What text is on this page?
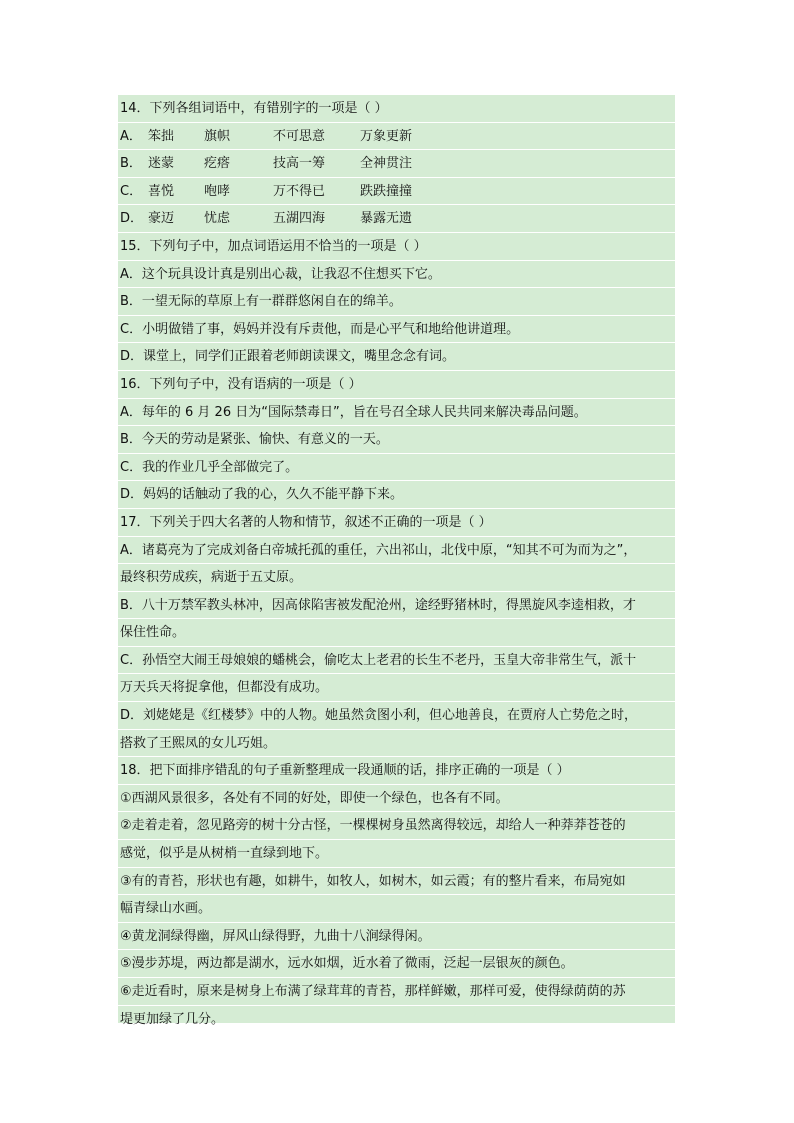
14．下列各组词语中，有错别字的一项是（ ）
A． 笨拙	旗帜	不可思意	万象更新
B． 迷蒙	疙瘩	技高一筹	全神贯注
C． 喜悦	咆哮	万不得已	跌跌撞撞
D． 豪迈	忧虑	五湖四海	暴露无遗
15．下列句子中，加点词语运用不恰当的一项是（ ）
A．这个玩具设计真是别出心裁，让我忍不住想买下它。
B．一望无际的草原上有一群群悠闲自在的绵羊。
C．小明做错了事，妈妈并没有斥责他，而是心平气和地给他讲道理。
D．课堂上，同学们正跟着老师朗读课文，嘴里念念有词。
16．下列句子中，没有语病的一项是（ ）
A．每年的 6 月 26 日为“国际禁毒日”，旨在号召全球人民共同来解决毒品问题。
B．今天的劳动是紧张、愉快、有意义的一天。
C．我的作业几乎全部做完了。
D．妈妈的话触动了我的心，久久不能平静下来。
17．下列关于四大名著的人物和情节，叙述不正确的一项是（ ）
A．诸葛亮为了完成刘备白帝城托孤的重任，六出祁山，北伐中原，“知其不可为而为之”，
最终积劳成疾，病逝于五丈原。
B．八十万禁军教头林冲，因高俅陷害被发配沧州，途经野猪林时，得黑旋风李逵相救，才
保住性命。
C．孙悟空大闹王母娘娘的蟠桃会，偷吃太上老君的长生不老丹，玉皇大帝非常生气，派十
万天兵天将捉拿他，但都没有成功。
D．刘姥姥是《红楼梦》中的人物。她虽然贪图小利，但心地善良，在贾府人亡势危之时，
搭救了王熙凤的女儿巧姐。
18．把下面排序错乱的句子重新整理成一段通顺的话，排序正确的一项是（ ）
①西湖风景很多，各处有不同的好处，即使一个绿色，也各有不同。
②走着走着，忽见路旁的树十分古怪，一棵棵树身虽然离得较远，却给人一种莽莽苍苍的
感觉，似乎是从树梢一直绿到地下。
③有的青苔，形状也有趣，如耕牛，如牧人，如树木，如云霞；有的整片看来，布局宛如
幅青绿山水画。
④黄龙洞绿得幽，屏风山绿得野，九曲十八涧绿得闲。
⑤漫步苏堤，两边都是湖水，远水如烟，近水着了微雨，泛起一层银灰的颜色。
⑥走近看时，原来是树身上布满了绿茸茸的青苔，那样鲜嫩，那样可爱，使得绿荫荫的苏
堤更加绿了几分。
